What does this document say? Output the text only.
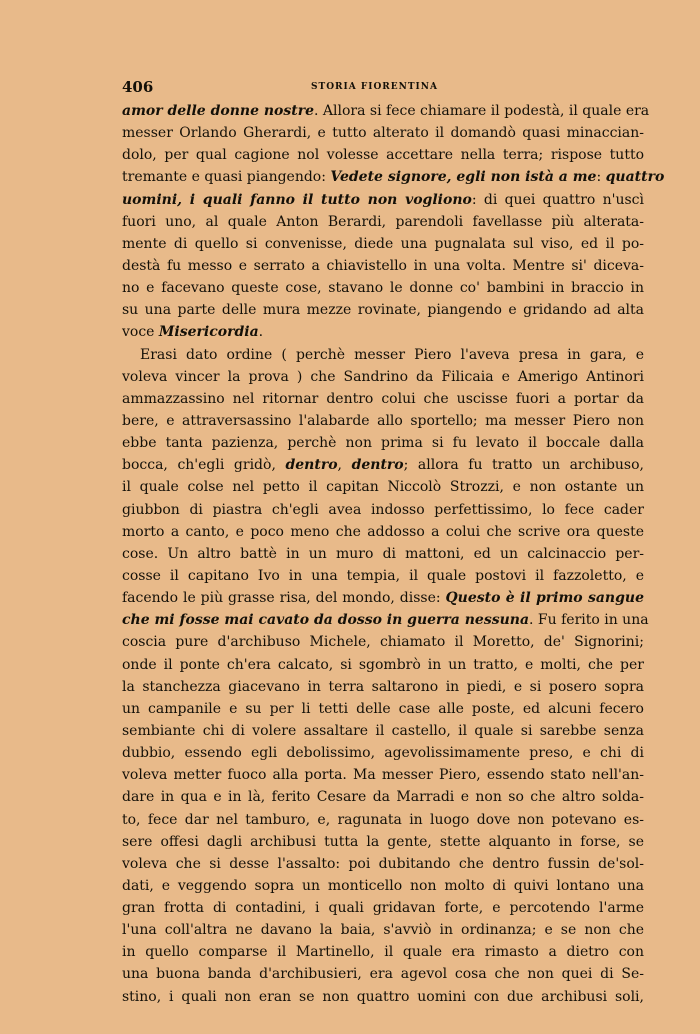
406	STORIA FIORENTINA
amor delle donne nostre. Allora si fece chiamare il podestà, il quale era
messer Orlando Gherardi, e tutto alterato il domandò quasi minaccian-
dolo, per qual cagione nol volesse accettare nella terra; rispose tutto
tremante e quasi piangendo: Vedete signore, egli non istà a me: quattro
uomini, i quali fanno il tutto non vogliono: di quei quattro n'uscì
fuori uno, al quale Anton Berardi, parendoli favellasse più alterata-
mente di quello si convenisse, diede una pugnalata sul viso, ed il po-
destà fu messo e serrato a chiavistello in una volta. Mentre si' diceva-
no e facevano queste cose, stavano le donne co' bambini in braccio in
su una parte delle mura mezze rovinate, piangendo e gridando ad alta
voce Misericordia.
Erasi dato ordine ( perchè messer Piero l'aveva presa in gara, e
voleva vincer la prova ) che Sandrino da Filicaia e Amerigo Antinori
ammazzassino nel ritornar dentro colui che uscisse fuori a portar da
bere, e attraversassino l'alabarde allo sportello; ma messer Piero non
ebbe tanta pazienza, perchè non prima si fu levato il boccale dalla
bocca, ch'egli gridò, dentro, dentro; allora fu tratto un archibuso,
il quale colse nel petto il capitan Niccolò Strozzi, e non ostante un
giubbon di piastra ch'egli avea indosso perfettissimo, lo fece cader
morto a canto, e poco meno che addosso a colui che scrive ora queste
cose. Un altro battè in un muro di mattoni, ed un calcinaccio per-
cosse il capitano Ivo in una tempia, il quale postovi il fazzoletto, e
facendo le più grasse risa, del mondo, disse: Questo è il primo sangue
che mi fosse mai cavato da dosso in guerra nessuna. Fu ferito in una
coscia pure d'archibuso Michele, chiamato il Moretto, de' Signorini;
onde il ponte ch'era calcato, si sgombrò in un tratto, e molti, che per
la stanchezza giacevano in terra saltarono in piedi, e si posero sopra
un campanile e su per li tetti delle case alle poste, ed alcuni fecero
sembiante chi di volere assaltare il castello, il quale si sarebbe senza
dubbio, essendo egli debolissimo, agevolissimamente preso, e chi di
voleva metter fuoco alla porta. Ma messer Piero, essendo stato nell'an-
dare in qua e in là, ferito Cesare da Marradi e non so che altro solda-
to, fece dar nel tamburo, e, ragunata in luogo dove non potevano es-
sere offesi dagli archibusi tutta la gente, stette alquanto in forse, se
voleva che si desse l'assalto: poi dubitando che dentro fussin de'sol-
dati, e veggendo sopra un monticello non molto di quivi lontano una
gran frotta di contadini, i quali gridavan forte, e percotendo l'arme
l'una coll'altra ne davano la baia, s'avviò in ordinanza; e se non che
in quello comparse il Martinello, il quale era rimasto a dietro con
una buona banda d'archibusieri, era agevol cosa che non quei di Se-
stino, i quali non eran se non quattro uomini con due archibusi soli,
